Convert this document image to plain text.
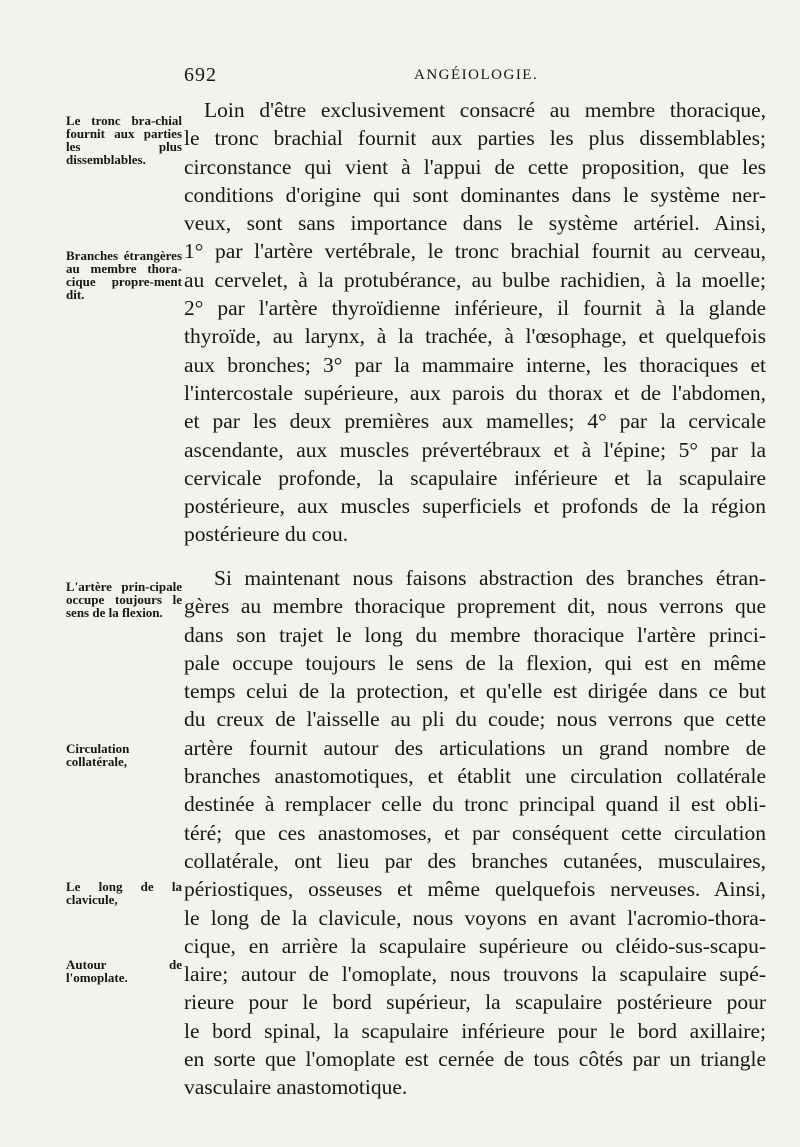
692	ANGÉIOLOGIE.
Le tronc bra-chial fournit aux parties les plus dissemblables.
Branches étrangères au membre thora-cique propre-ment dit.
L'artère prin-cipale occupe toujours le sens de la flexion.
Circulation collatérale,
Le long de la clavicule,
Autour de l'omoplate.
Loin d'être exclusivement consacré au membre thoracique,
le tronc brachial fournit aux parties les plus dissemblables;
circonstance qui vient à l'appui de cette proposition, que les
conditions d'origine qui sont dominantes dans le système ner-
veux, sont sans importance dans le système artériel. Ainsi,
1° par l'artère vertébrale, le tronc brachial fournit au cerveau,
au cervelet, à la protubérance, au bulbe rachidien, à la moelle;
2° par l'artère thyroïdienne inférieure, il fournit à la glande
thyroïde, au larynx, à la trachée, à l'œsophage, et quelquefois
aux bronches; 3° par la mammaire interne, les thoraciques et
l'intercostale supérieure, aux parois du thorax et de l'abdomen,
et par les deux premières aux mamelles; 4° par la cervicale
ascendante, aux muscles prévertébraux et à l'épine; 5° par la
cervicale profonde, la scapulaire inférieure et la scapulaire
postérieure, aux muscles superficiels et profonds de la région
postérieure du cou.
Si maintenant nous faisons abstraction des branches étran-
gères au membre thoracique proprement dit, nous verrons que
dans son trajet le long du membre thoracique l'artère princi-
pale occupe toujours le sens de la flexion, qui est en même
temps celui de la protection, et qu'elle est dirigée dans ce but
du creux de l'aisselle au pli du coude; nous verrons que cette
artère fournit autour des articulations un grand nombre de
branches anastomotiques, et établit une circulation collatérale
destinée à remplacer celle du tronc principal quand il est obli-
téré; que ces anastomoses, et par conséquent cette circulation
collatérale, ont lieu par des branches cutanées, musculaires,
périostiques, osseuses et même quelquefois nerveuses. Ainsi,
le long de la clavicule, nous voyons en avant l'acromio-thora-
cique, en arrière la scapulaire supérieure ou cléido-sus-scapu-
laire; autour de l'omoplate, nous trouvons la scapulaire supé-
rieure pour le bord supérieur, la scapulaire postérieure pour
le bord spinal, la scapulaire inférieure pour le bord axillaire;
en sorte que l'omoplate est cernée de tous côtés par un triangle
vasculaire anastomotique.
